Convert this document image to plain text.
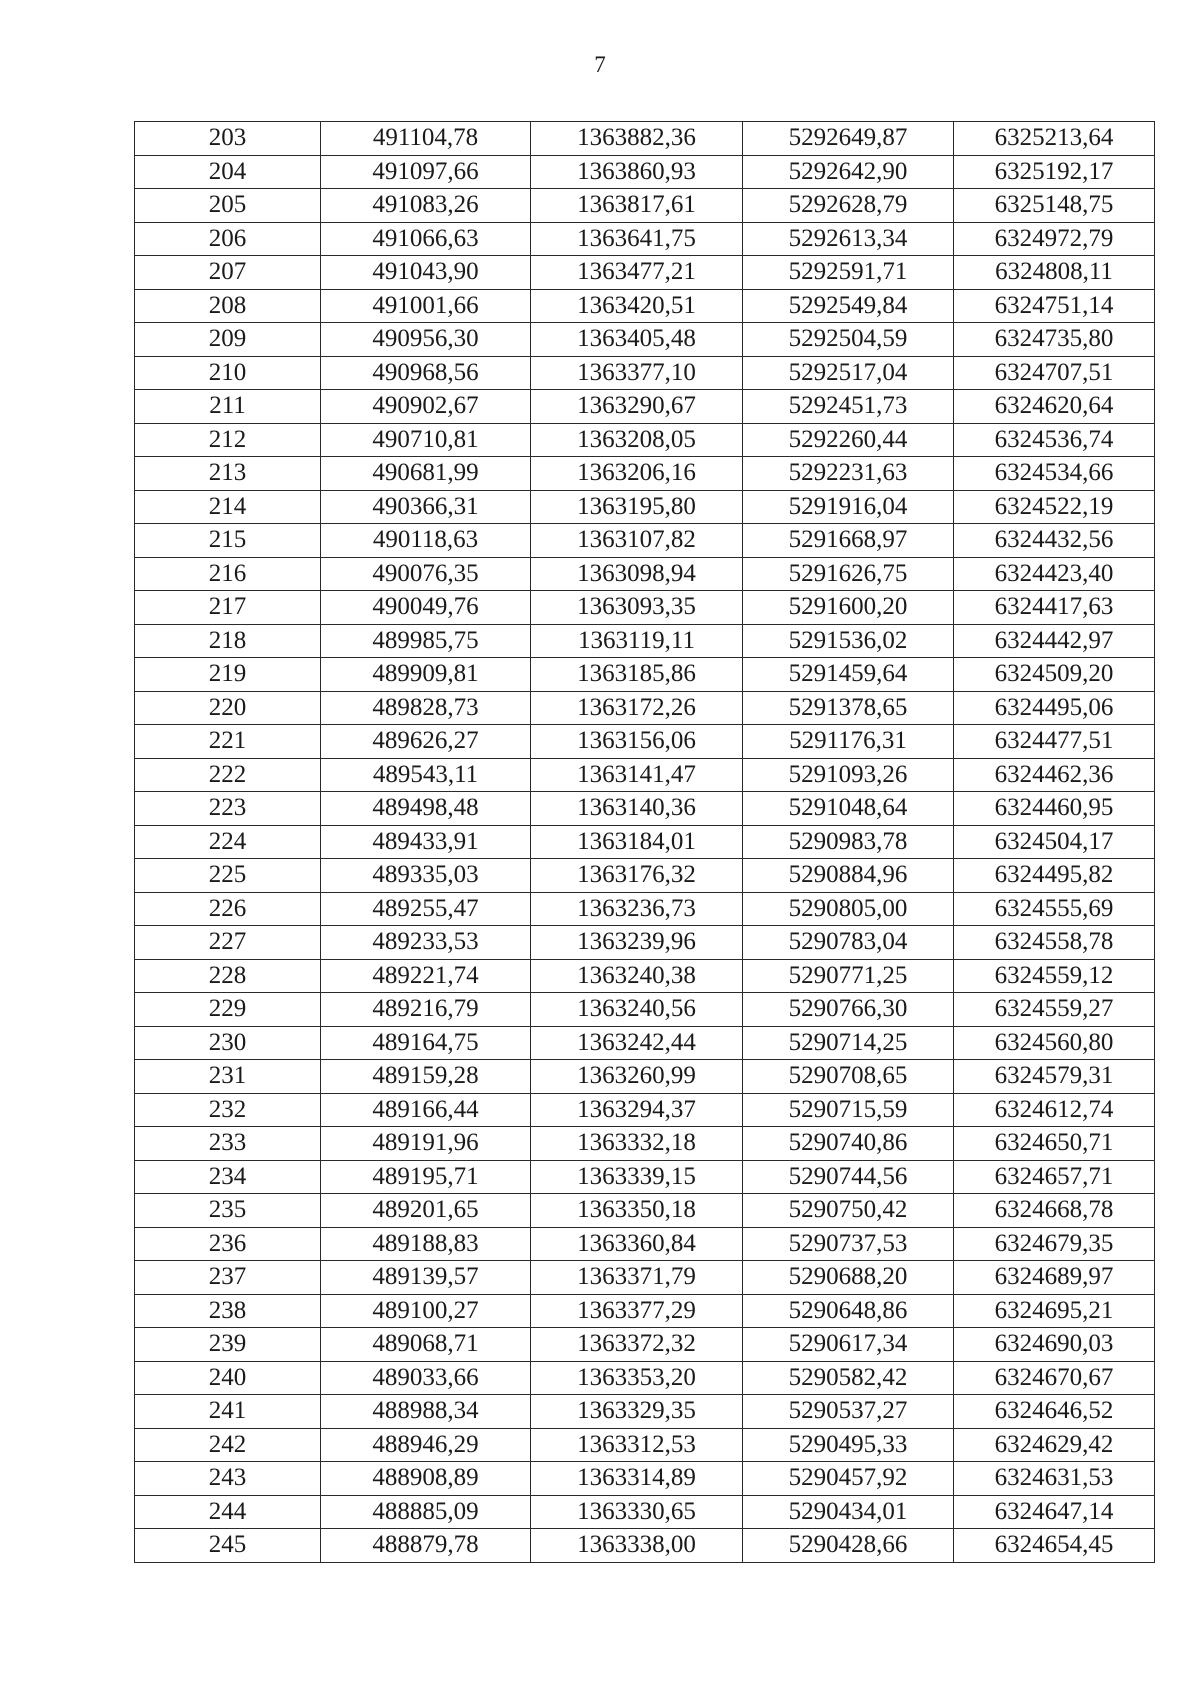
7
203	491104,78	1363882,36	5292649,87	6325213,64
204	491097,66	1363860,93	5292642,90	6325192,17
205	491083,26	1363817,61	5292628,79	6325148,75
206	491066,63	1363641,75	5292613,34	6324972,79
207	491043,90	1363477,21	5292591,71	6324808,11
208	491001,66	1363420,51	5292549,84	6324751,14
209	490956,30	1363405,48	5292504,59	6324735,80
210	490968,56	1363377,10	5292517,04	6324707,51
211	490902,67	1363290,67	5292451,73	6324620,64
212	490710,81	1363208,05	5292260,44	6324536,74
213	490681,99	1363206,16	5292231,63	6324534,66
214	490366,31	1363195,80	5291916,04	6324522,19
215	490118,63	1363107,82	5291668,97	6324432,56
216	490076,35	1363098,94	5291626,75	6324423,40
217	490049,76	1363093,35	5291600,20	6324417,63
218	489985,75	1363119,11	5291536,02	6324442,97
219	489909,81	1363185,86	5291459,64	6324509,20
220	489828,73	1363172,26	5291378,65	6324495,06
221	489626,27	1363156,06	5291176,31	6324477,51
222	489543,11	1363141,47	5291093,26	6324462,36
223	489498,48	1363140,36	5291048,64	6324460,95
224	489433,91	1363184,01	5290983,78	6324504,17
225	489335,03	1363176,32	5290884,96	6324495,82
226	489255,47	1363236,73	5290805,00	6324555,69
227	489233,53	1363239,96	5290783,04	6324558,78
228	489221,74	1363240,38	5290771,25	6324559,12
229	489216,79	1363240,56	5290766,30	6324559,27
230	489164,75	1363242,44	5290714,25	6324560,80
231	489159,28	1363260,99	5290708,65	6324579,31
232	489166,44	1363294,37	5290715,59	6324612,74
233	489191,96	1363332,18	5290740,86	6324650,71
234	489195,71	1363339,15	5290744,56	6324657,71
235	489201,65	1363350,18	5290750,42	6324668,78
236	489188,83	1363360,84	5290737,53	6324679,35
237	489139,57	1363371,79	5290688,20	6324689,97
238	489100,27	1363377,29	5290648,86	6324695,21
239	489068,71	1363372,32	5290617,34	6324690,03
240	489033,66	1363353,20	5290582,42	6324670,67
241	488988,34	1363329,35	5290537,27	6324646,52
242	488946,29	1363312,53	5290495,33	6324629,42
243	488908,89	1363314,89	5290457,92	6324631,53
244	488885,09	1363330,65	5290434,01	6324647,14
245	488879,78	1363338,00	5290428,66	6324654,45
